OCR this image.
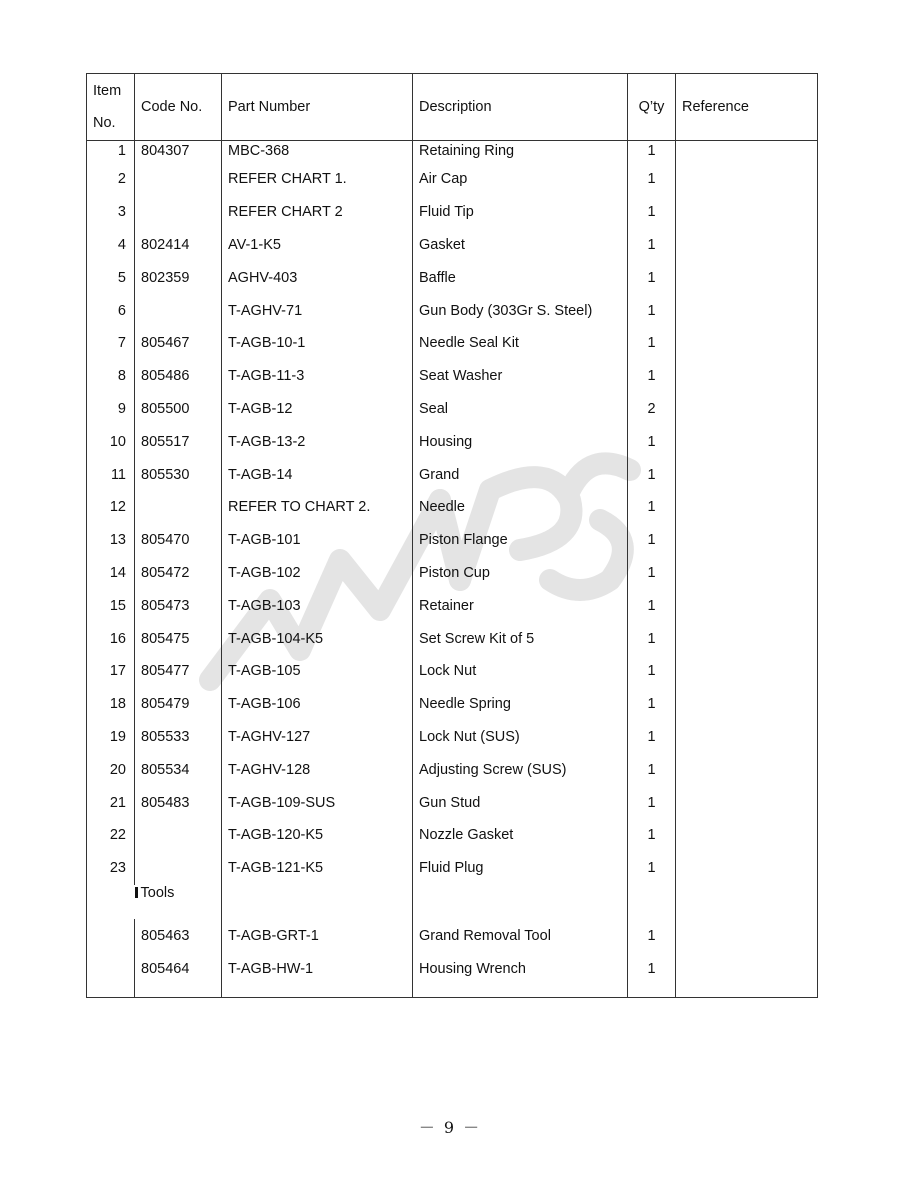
Item
No.	Code No.	Part Number	Description	Q’ty	Reference
1	804307	MBC-368	Retaining Ring	1	
2		REFER CHART 1.	Air Cap	1	
3		REFER CHART 2	Fluid Tip	1	
4	802414	AV-1-K5	Gasket	1	
5	802359	AGHV-403	Baffle	1	
6		T-AGHV-71	Gun Body (303Gr S. Steel)	1	
7	805467	T-AGB-10-1	Needle Seal Kit	1	
8	805486	T-AGB-11-3	Seat Washer	1	
9	805500	T-AGB-12	Seal	2	
10	805517	T-AGB-13-2	Housing	1	
11	805530	T-AGB-14	Grand	1	
12		REFER TO CHART 2.	Needle	1	
13	805470	T-AGB-101	Piston Flange	1	
14	805472	T-AGB-102	Piston Cup	1	
15	805473	T-AGB-103	Retainer	1	
16	805475	T-AGB-104-K5	Set Screw Kit of 5	1	
17	805477	T-AGB-105	Lock Nut	1	
18	805479	T-AGB-106	Needle Spring	1	
19	805533	T-AGHV-127	Lock Nut (SUS)	1	
20	805534	T-AGHV-128	Adjusting Screw (SUS)	1	
21	805483	T-AGB-109-SUS	Gun Stud	1	
22		T-AGB-120-K5	Nozzle Gasket	1	
23		T-AGB-121-K5	Fluid Plug	1	

	Tools				

	805463	T-AGB-GRT-1	Grand Removal Tool	1	
	805464	T-AGB-HW-1	Housing Wrench	1	
－ 9 －
